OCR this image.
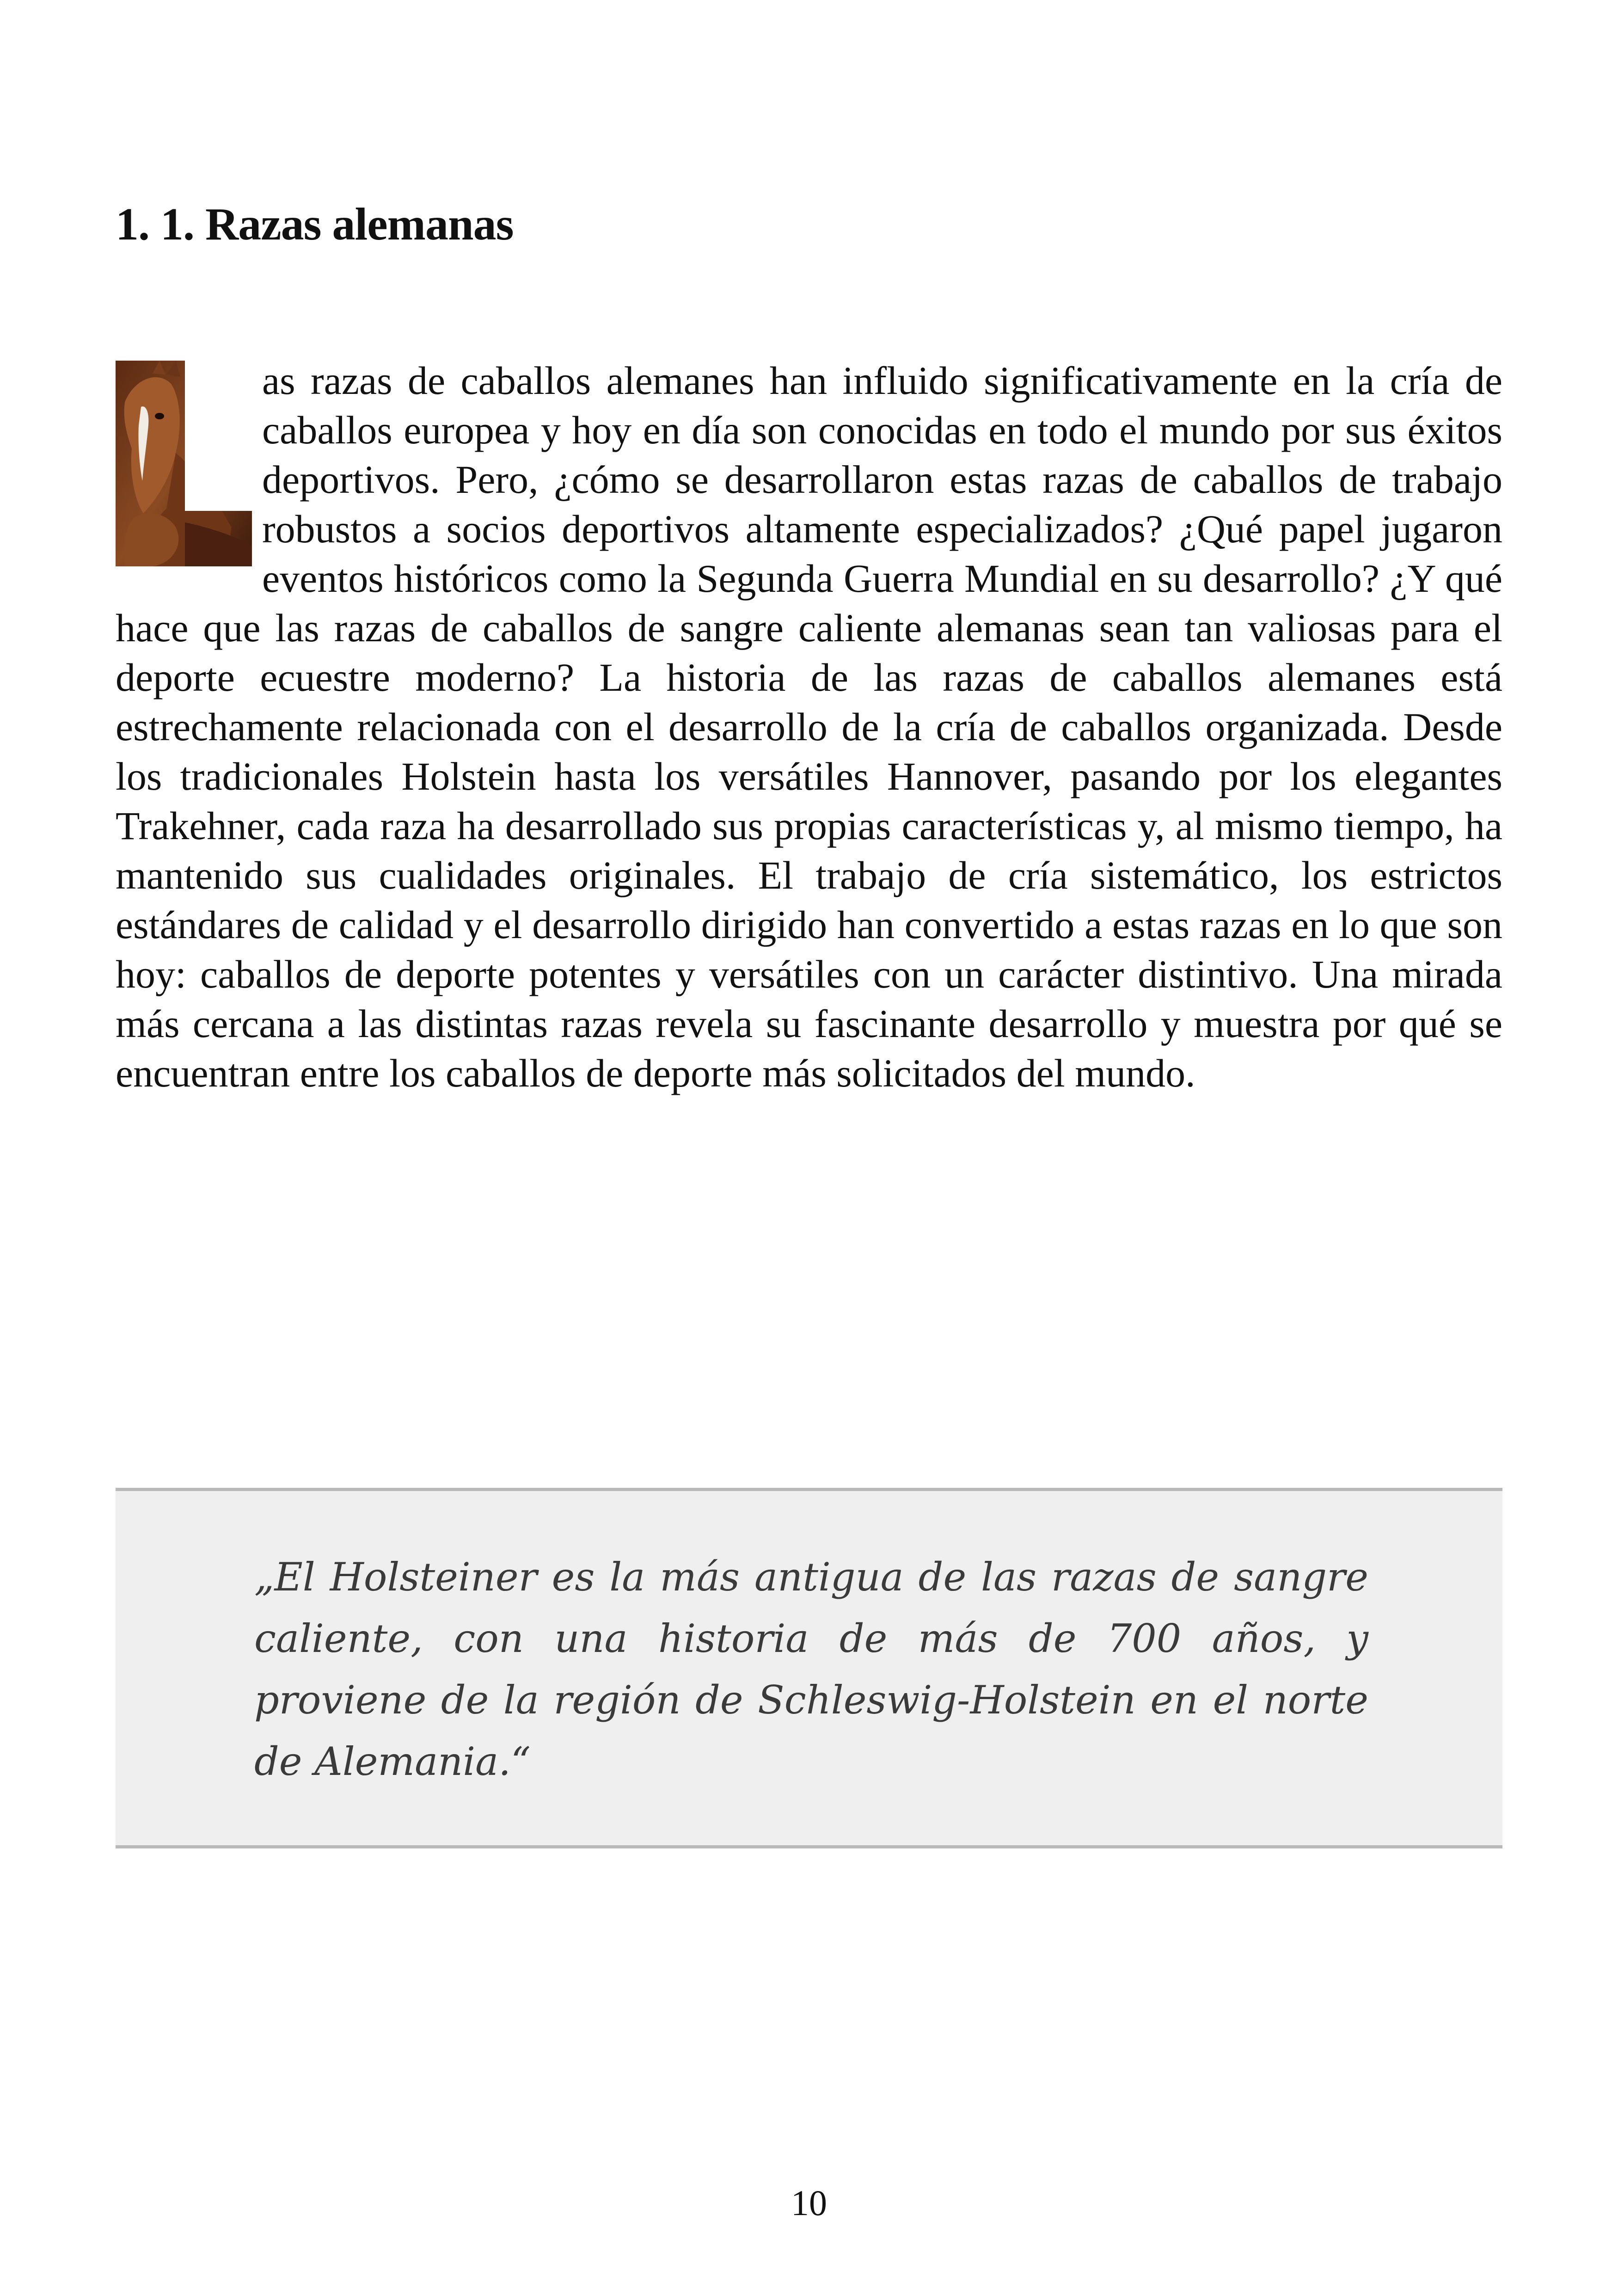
1. 1. Razas alemanas

as razas de caballos alemanes han influido significativamente en la cría de caballos europea y hoy en día son conocidas en todo el mundo por sus éxitos deportivos. Pero, ¿cómo se desarrollaron estas razas de caballos de trabajo robustos a socios deportivos altamente especializados? ¿Qué papel jugaron eventos históricos como la Segunda Guerra Mundial en su desarrollo? ¿Y qué hace que las razas de caballos de sangre caliente alemanas sean tan valiosas para el deporte ecuestre moderno? La historia de las razas de caballos alemanes está estrechamente relacionada con el desarrollo de la cría de caballos organizada. Desde los tradicionales Holstein hasta los versátiles Hannover, pasando por los elegantes Trakehner, cada raza ha desarrollado sus propias características y, al mismo tiempo, ha mantenido sus cualidades originales. El trabajo de cría sistemático, los estrictos estándares de calidad y el desarrollo dirigido han convertido a estas razas en lo que son hoy: caballos de deporte potentes y versátiles con un carácter distintivo. Una mirada más cercana a las distintas razas revela su fascinante desarrollo y muestra por qué se encuentran entre los caballos de deporte más solicitados del mundo.

„El Holsteiner es la más antigua de las razas de sangre caliente, con una historia de más de 700 años, y proviene de la región de Schleswig-Holstein en el norte de Alemania.“

10
